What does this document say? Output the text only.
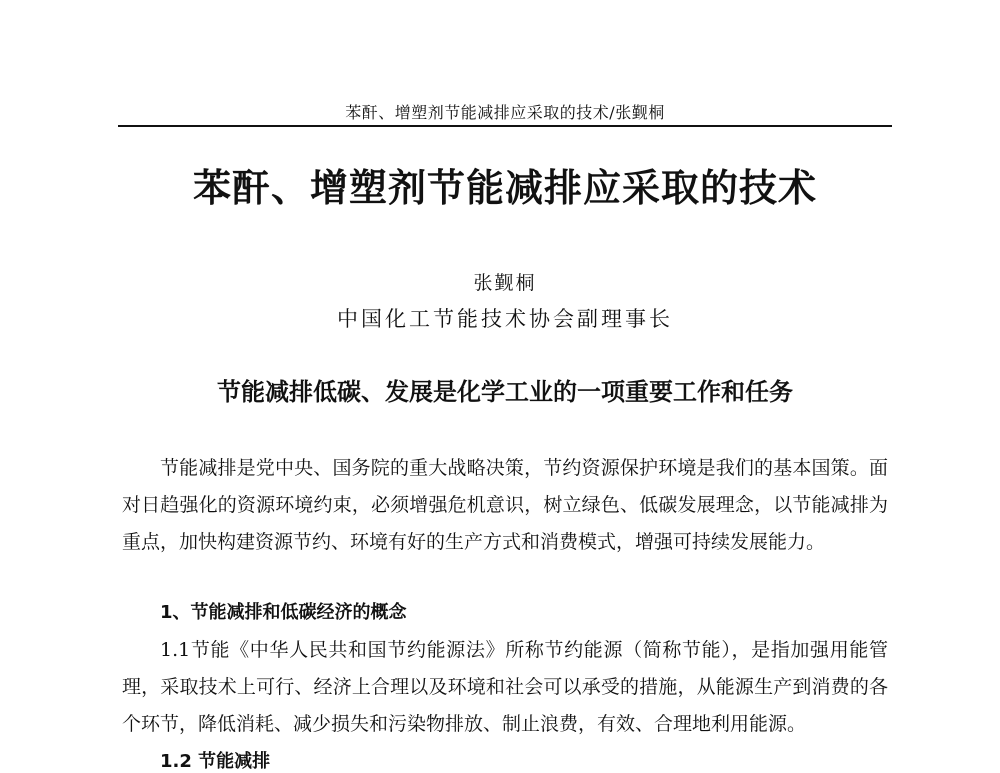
苯酐、增塑剂节能减排应采取的技术/张觐桐
苯酐、增塑剂节能减排应采取的技术
张觐桐
中国化工节能技术协会副理事长
节能减排低碳、发展是化学工业的一项重要工作和任务
节能减排是党中央、国务院的重大战略决策，节约资源保护环境是我们的基本国策。面对日趋强化的资源环境约束，必须增强危机意识，树立绿色、低碳发展理念，以节能减排为重点，加快构建资源节约、环境有好的生产方式和消费模式，增强可持续发展能力。
1、节能减排和低碳经济的概念
1.1节能《中华人民共和国节约能源法》所称节约能源（简称节能），是指加强用能管理，采取技术上可行、经济上合理以及环境和社会可以承受的措施，从能源生产到消费的各个环节，降低消耗、减少损失和污染物排放、制止浪费，有效、合理地利用能源。
1.2 节能减排
